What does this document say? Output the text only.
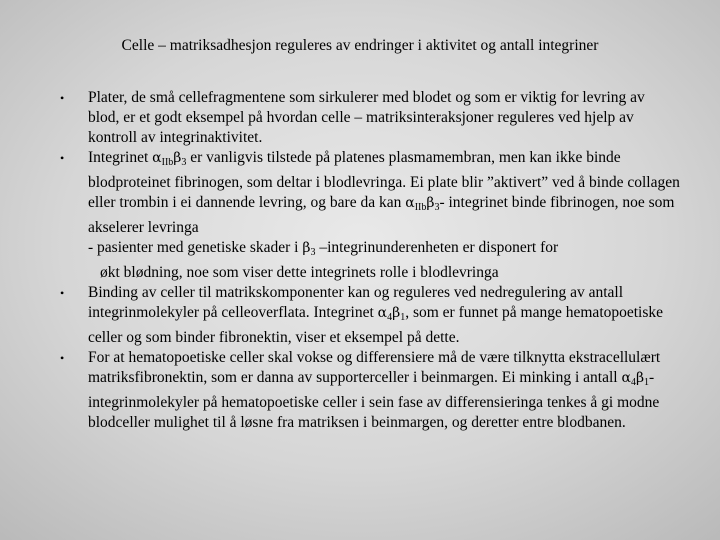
Celle – matriksadhesjon reguleres av endringer i aktivitet og antall integriner
•	Plater, de små cellefragmentene som sirkulerer med blodet og som er viktig for levring av blod, er et godt eksempel på hvordan celle – matriksinteraksjoner reguleres ved hjelp av kontroll av integrinaktivitet.
•	Integrinet $\alpha_{IIb}\beta_3$ er vanligvis tilstede på platenes plasmamembran, men kan ikke binde blodproteinet fibrinogen, som deltar i blodlevringa. Ei plate blir ”aktivert” ved å binde collagen eller trombin i ei dannende levring, og bare da kan $\alpha_{IIb}\beta_3-$ integrinet binde fibrinogen, noe som akselerer levringa
- pasienter med genetiske skader i $\beta_3$ –integrinunderenheten er disponert for
økt blødning, noe som viser dette integrinets rolle i blodlevringa
•	Binding av celler til matrikskomponenter kan og reguleres ved nedregulering av antall integrinmolekyler på celleoverflata. Integrinet $\alpha_4\beta_1$, som er funnet på mange hematopoetiske celler og som binder fibronektin, viser et eksempel på dette.
•	For at hematopoetiske celler skal vokse og differensiere må de være tilknytta ekstracellulært matriksfibronektin, som er danna av supporterceller i beinmargen. Ei minking i antall $\alpha_4\beta_1-$ integrinmolekyler på hematopoetiske celler i sein fase av differensieringa tenkes å gi modne blodceller mulighet til å løsne fra matriksen i beinmargen, og deretter entre blodbanen.
